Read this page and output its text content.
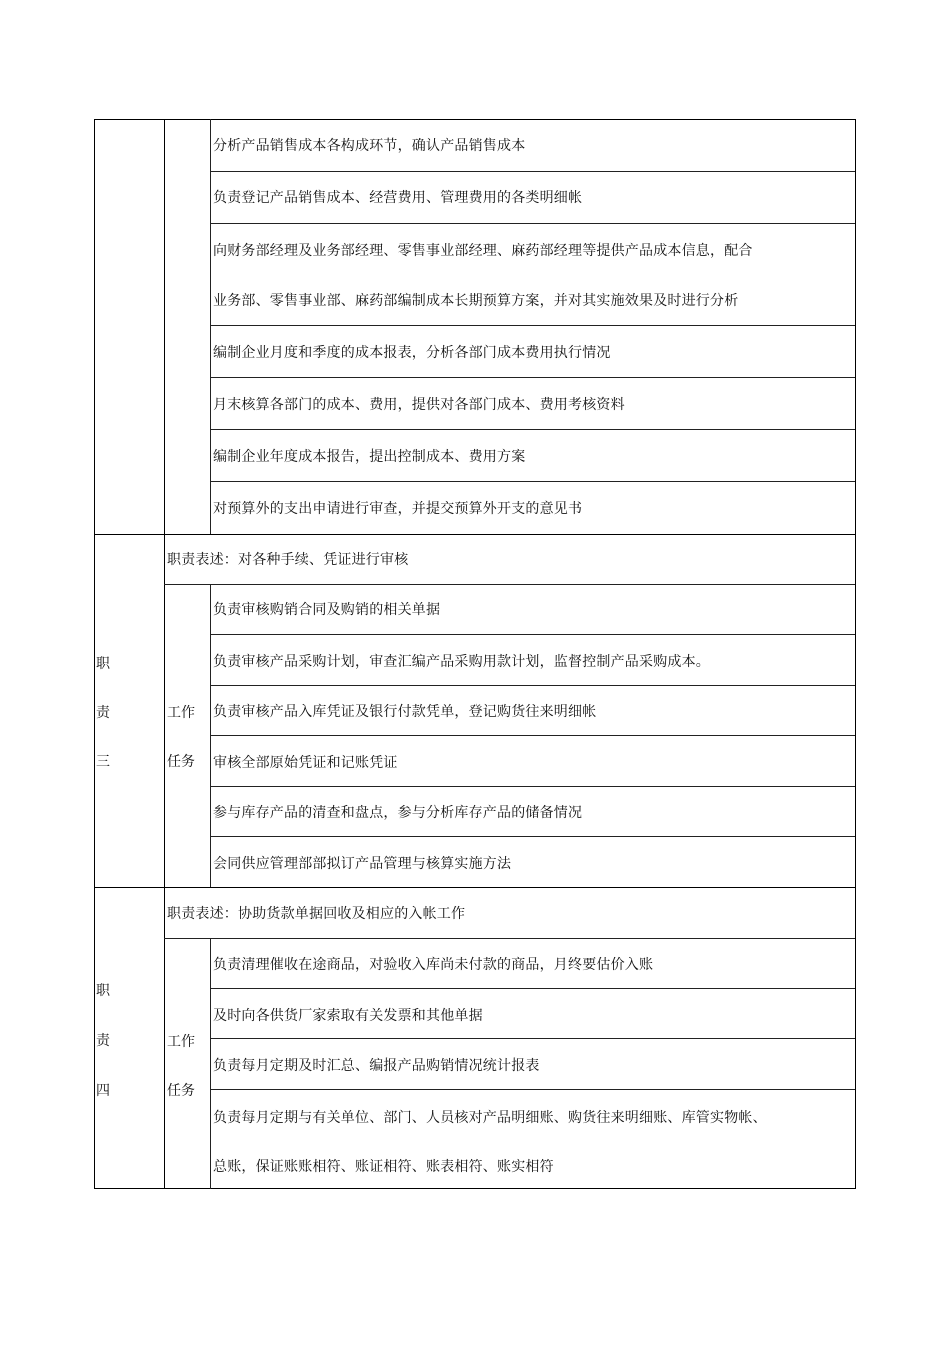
分析产品销售成本各构成环节，确认产品销售成本
负责登记产品销售成本、经营费用、管理费用的各类明细帐
向财务部经理及业务部经理、零售事业部经理、麻药部经理等提供产品成本信息，配合
业务部、零售事业部、麻药部编制成本长期预算方案，并对其实施效果及时进行分析
编制企业月度和季度的成本报表，分析各部门成本费用执行情况
月末核算各部门的成本、费用，提供对各部门成本、费用考核资料
编制企业年度成本报告，提出控制成本、费用方案
对预算外的支出申请进行审查，并提交预算外开支的意见书
职
责
三
职责表述：对各种手续、凭证进行审核
工作
任务
负责审核购销合同及购销的相关单据
负责审核产品采购计划，审查汇编产品采购用款计划，监督控制产品采购成本。
负责审核产品入库凭证及银行付款凭单，登记购货往来明细帐
审核全部原始凭证和记账凭证
参与库存产品的清查和盘点，参与分析库存产品的储备情况
会同供应管理部部拟订产品管理与核算实施方法
职
责
四
职责表述：协助货款单据回收及相应的入帐工作
工作
任务
负责清理催收在途商品，对验收入库尚未付款的商品，月终要估价入账
及时向各供货厂家索取有关发票和其他单据
负责每月定期及时汇总、编报产品购销情况统计报表
负责每月定期与有关单位、部门、人员核对产品明细账、购货往来明细账、库管实物帐、
总账，保证账账相符、账证相符、账表相符、账实相符
